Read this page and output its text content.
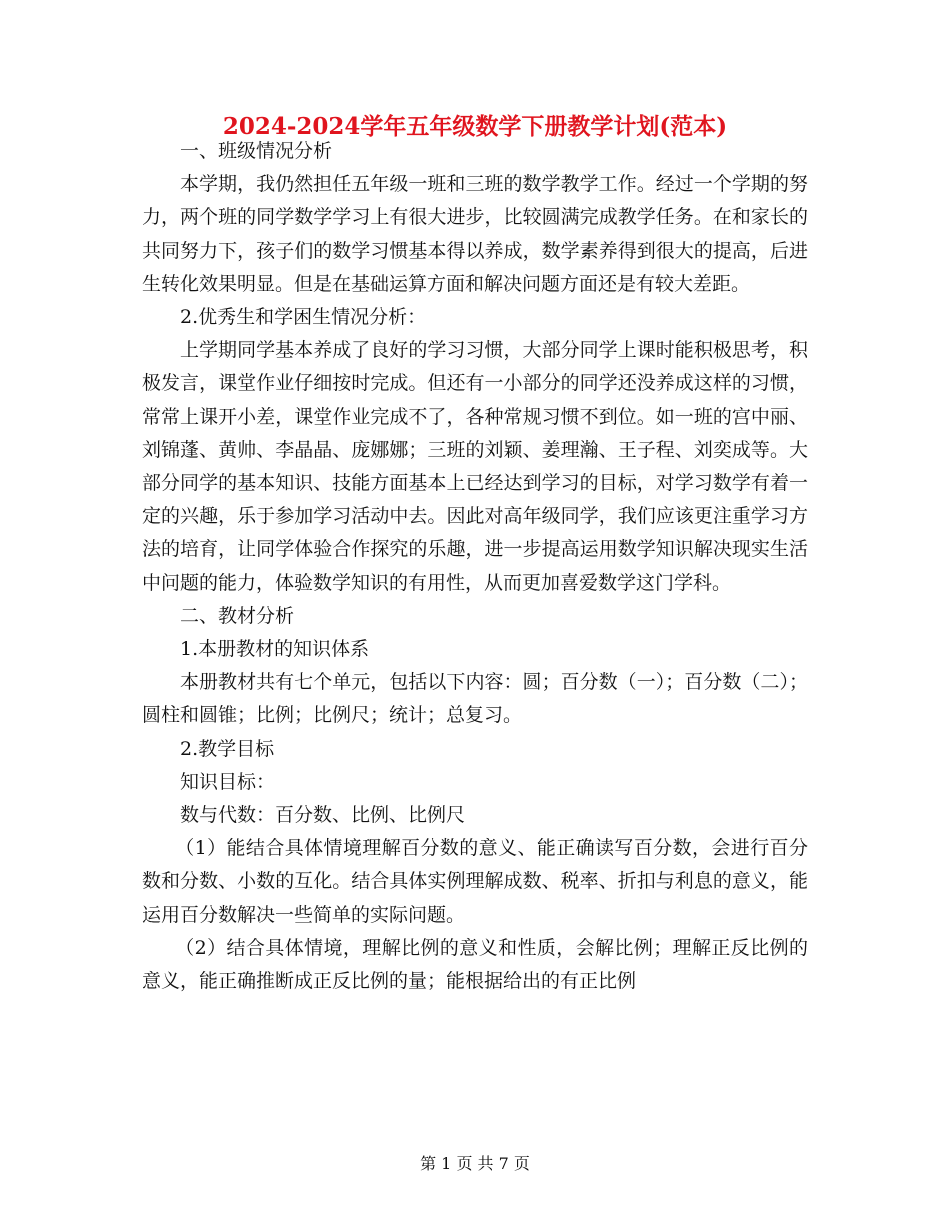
2024-2024学年五年级数学下册教学计划(范本)

一、班级情况分析

本学期，我仍然担任五年级一班和三班的数学教学工作。经过一个学期的努力，两个班的同学数学学习上有很大进步，比较圆满完成教学任务。在和家长的共同努力下，孩子们的数学习惯基本得以养成，数学素养得到很大的提高，后进生转化效果明显。但是在基础运算方面和解决问题方面还是有较大差距。

2.优秀生和学困生情况分析：

上学期同学基本养成了良好的学习习惯，大部分同学上课时能积极思考，积极发言，课堂作业仔细按时完成。但还有一小部分的同学还没养成这样的习惯，常常上课开小差，课堂作业完成不了，各种常规习惯不到位。如一班的宫中丽、刘锦蓬、黄帅、李晶晶、庞娜娜；三班的刘颖、姜理瀚、王子程、刘奕成等。大部分同学的基本知识、技能方面基本上已经达到学习的目标，对学习数学有着一定的兴趣，乐于参加学习活动中去。因此对高年级同学，我们应该更注重学习方法的培育，让同学体验合作探究的乐趣，进一步提高运用数学知识解决现实生活中问题的能力，体验数学知识的有用性，从而更加喜爱数学这门学科。

二、教材分析

1.本册教材的知识体系

本册教材共有七个单元，包括以下内容：圆；百分数（一）；百分数（二）；圆柱和圆锥；比例；比例尺；统计；总复习。

2.教学目标

知识目标：

数与代数：百分数、比例、比例尺

（1）能结合具体情境理解百分数的意义、能正确读写百分数，会进行百分数和分数、小数的互化。结合具体实例理解成数、税率、折扣与利息的意义，能运用百分数解决一些简单的实际问题。

（2）结合具体情境，理解比例的意义和性质，会解比例；理解正反比例的意义，能正确推断成正反比例的量；能根据给出的有正比例

第 1 页 共 7 页
